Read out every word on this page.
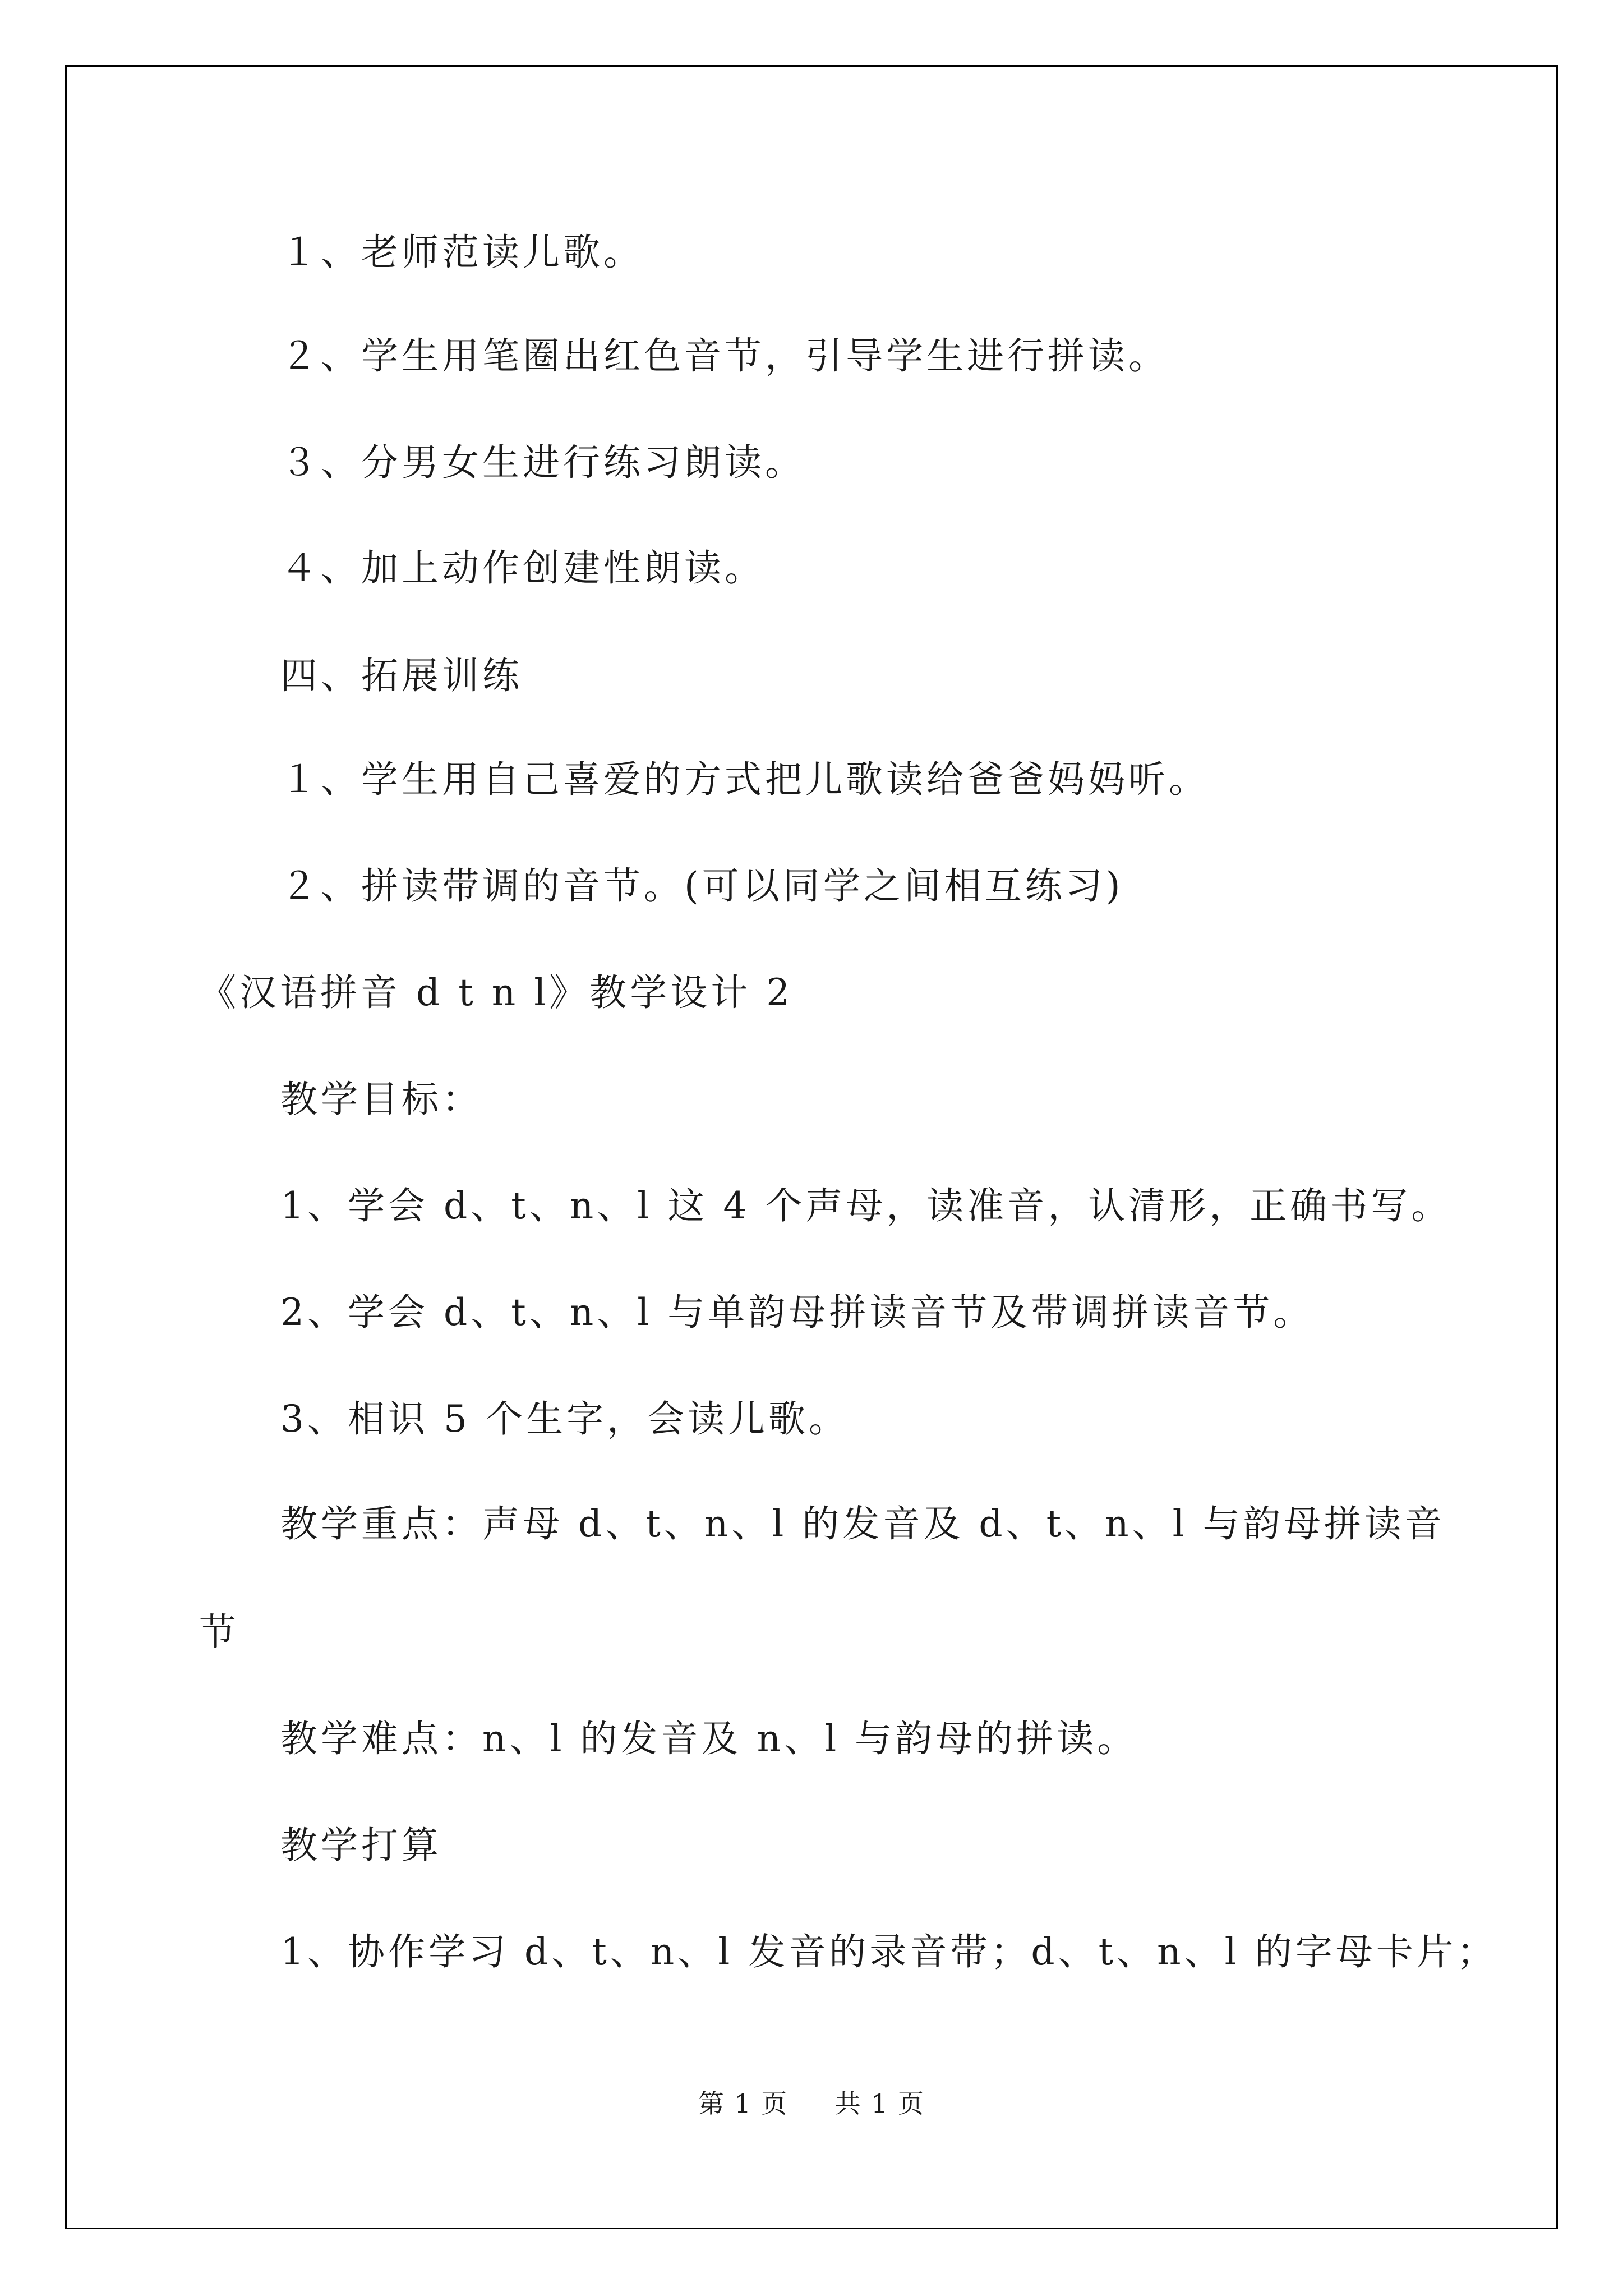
１、老师范读儿歌。
２、学生用笔圈出红色音节，引导学生进行拼读。
３、分男女生进行练习朗读。
４、加上动作创建性朗读。
四、拓展训练
１、学生用自己喜爱的方式把儿歌读给爸爸妈妈听。
２、拼读带调的音节。(可以同学之间相互练习)
《汉语拼音 d t n l》教学设计 2
教学目标：
1、学会 d、t、n、l 这 4 个声母，读准音，认清形，正确书写。
2、学会 d、t、n、l 与单韵母拼读音节及带调拼读音节。
3、相识 5 个生字，会读儿歌。
教学重点：声母 d、t、n、l 的发音及 d、t、n、l 与韵母拼读音
节
教学难点：n、l 的发音及 n、l 与韵母的拼读。
教学打算
1、协作学习 d、t、n、l 发音的录音带；d、t、n、l 的字母卡片；
第 1 页 共 1 页
